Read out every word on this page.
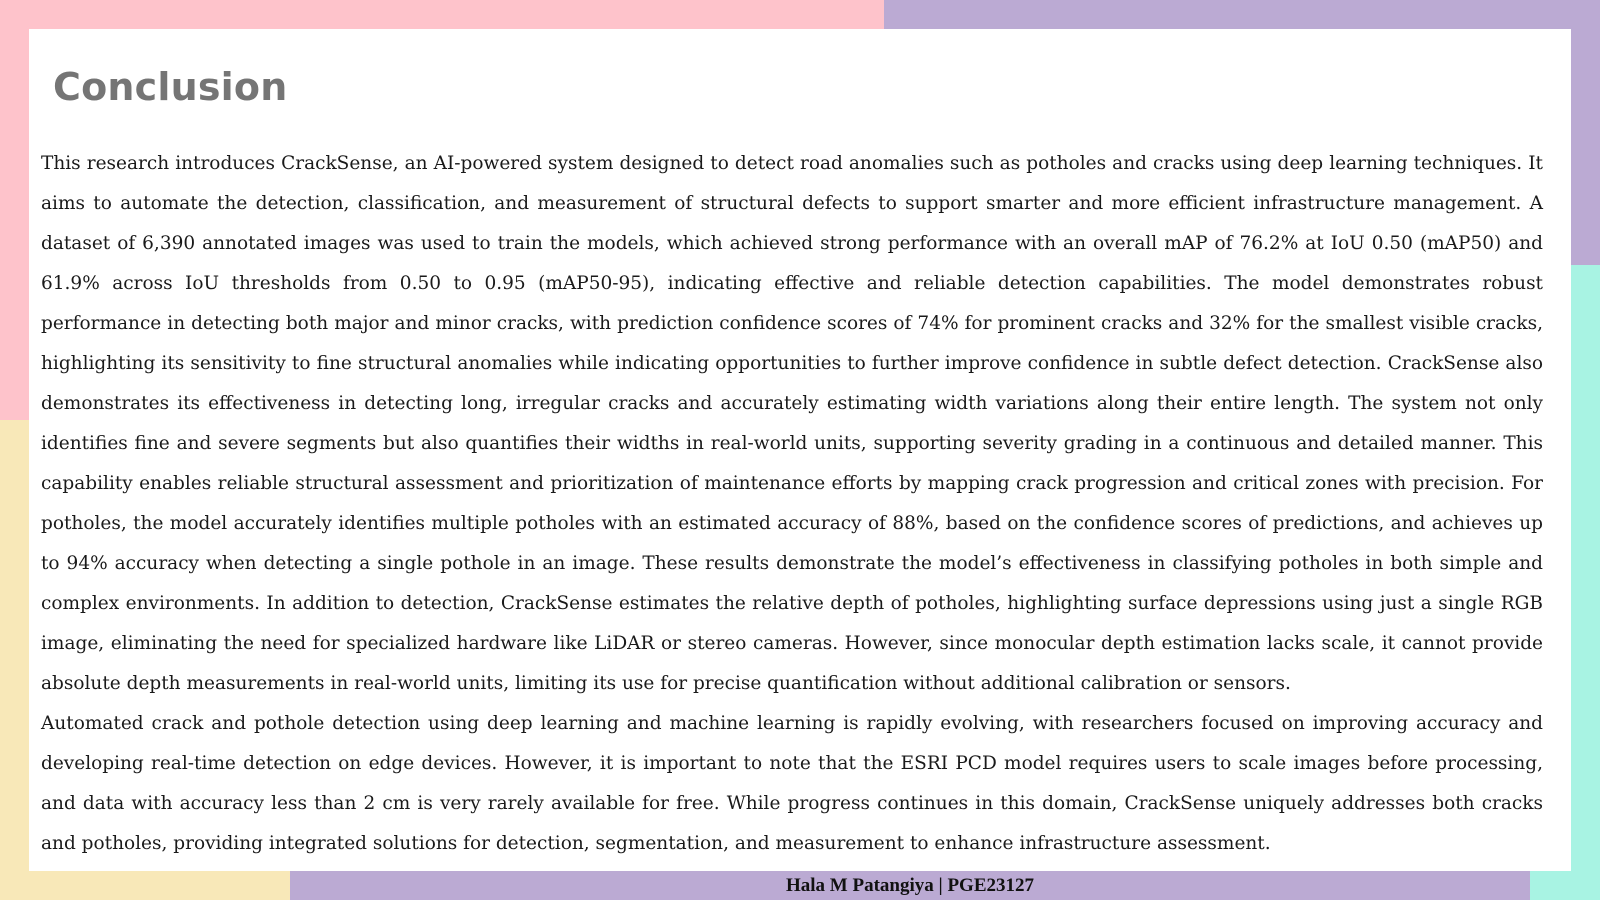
Conclusion

This research introduces CrackSense, an AI-powered system designed to detect road anomalies such as potholes and cracks using deep learning techniques. It aims to automate the detection, classification, and measurement of structural defects to support smarter and more efficient infrastructure management. A dataset of 6,390 annotated images was used to train the models, which achieved strong performance with an overall mAP of 76.2% at IoU 0.50 (mAP50) and 61.9% across IoU thresholds from 0.50 to 0.95 (mAP50-95), indicating effective and reliable detection capabilities. The model demonstrates robust performance in detecting both major and minor cracks, with prediction confidence scores of 74% for prominent cracks and 32% for the smallest visible cracks, highlighting its sensitivity to fine structural anomalies while indicating opportunities to further improve confidence in subtle defect detection. CrackSense also demonstrates its effectiveness in detecting long, irregular cracks and accurately estimating width variations along their entire length. The system not only identifies fine and severe segments but also quantifies their widths in real-world units, supporting severity grading in a continuous and detailed manner. This capability enables reliable structural assessment and prioritization of maintenance efforts by mapping crack progression and critical zones with precision. For potholes, the model accurately identifies multiple potholes with an estimated accuracy of 88%, based on the confidence scores of predictions, and achieves up to 94% accuracy when detecting a single pothole in an image. These results demonstrate the model’s effectiveness in classifying potholes in both simple and complex environments. In addition to detection, CrackSense estimates the relative depth of potholes, highlighting surface depressions using just a single RGB image, eliminating the need for specialized hardware like LiDAR or stereo cameras. However, since monocular depth estimation lacks scale, it cannot provide absolute depth measurements in real-world units, limiting its use for precise quantification without additional calibration or sensors.

Automated crack and pothole detection using deep learning and machine learning is rapidly evolving, with researchers focused on improving accuracy and developing real-time detection on edge devices. However, it is important to note that the ESRI PCD model requires users to scale images before processing, and data with accuracy less than 2 cm is very rarely available for free. While progress continues in this domain, CrackSense uniquely addresses both cracks and potholes, providing integrated solutions for detection, segmentation, and measurement to enhance infrastructure assessment.

Hala M Patangiya | PGE23127
